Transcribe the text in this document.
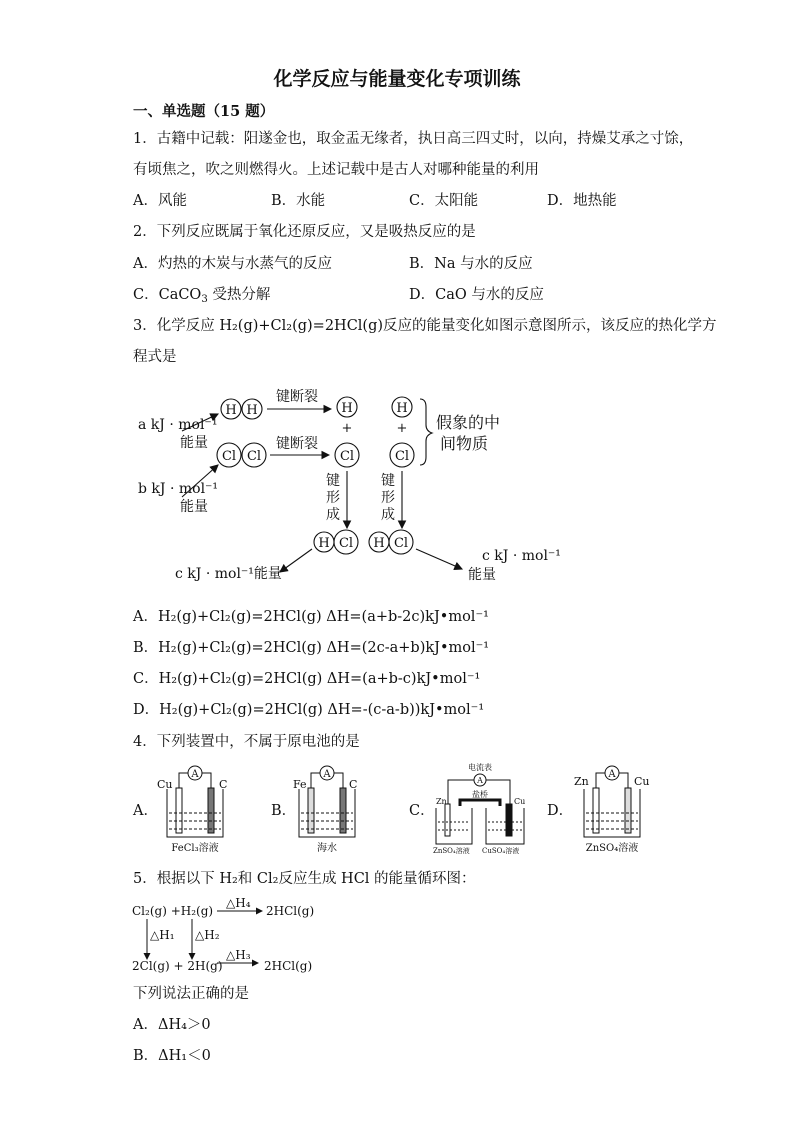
化学反应与能量变化专项训练
一、单选题（15 题）
1．古籍中记载：阳遂金也，取金盂无缘者，执日高三四丈时，以向，持燥艾承之寸馀，
有顷焦之，吹之则燃得火。上述记载中是古人对哪种能量的利用
A．风能	B．水能	C．太阳能	D．地热能
2．下列反应既属于氧化还原反应，又是吸热反应的是
A．灼热的木炭与水蒸气的反应	B．Na 与水的反应
C．CaCO$_3$ 受热分解	D．CaO 与水的反应
3．化学反应 H₂(g)+Cl₂(g)=2HCl(g)反应的能量变化如图示意图所示，该反应的热化学方
程式是
H H
Cl Cl
H
+
Cl
H
+
Cl
H Cl H Cl
键断裂
键断裂
键
形
成
键
形
成
a kJ · mol⁻¹
能量
b kJ · mol⁻¹
能量
c kJ · mol⁻¹能量
c kJ · mol⁻¹
能量
假象的中
间物质
A．H₂(g)+Cl₂(g)=2HCl(g) ΔH=(a+b-2c)kJ•mol⁻¹
B．H₂(g)+Cl₂(g)=2HCl(g) ΔH=(2c-a+b)kJ•mol⁻¹
C．H₂(g)+Cl₂(g)=2HCl(g) ΔH=(a+b-c)kJ•mol⁻¹
D．H₂(g)+Cl₂(g)=2HCl(g) ΔH=-(c-a-b))kJ•mol⁻¹
4．下列装置中，不属于原电池的是
A．
A
Cu	C
FeCl₃溶液
B．
A
Fe	C
海水
C．
电流表
A
盐桥
Zn	Cu
ZnSO₄溶液 CuSO₄溶液
D．
A
Zn	Cu
ZnSO₄溶液
5．根据以下 H₂和 Cl₂反应生成 HCl 的能量循环图：
Cl₂(g) +H₂(g)	2HCl(g)
△H₄
△H₁ △H₂
△H₃
2Cl(g) + 2H(g)	2HCl(g)
下列说法正确的是
A．ΔH₄＞0
B．ΔH₁＜0
